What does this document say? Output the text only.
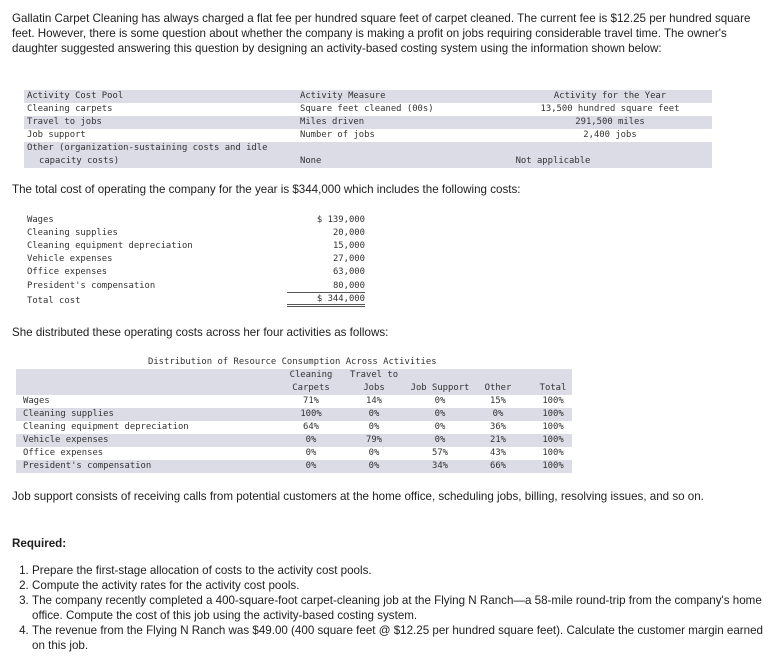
Gallatin Carpet Cleaning has always charged a flat fee per hundred square feet of carpet cleaned. The current fee is $12.25 per hundred square feet. However, there is some question about whether the company is making a profit on jobs requiring considerable travel time. The owner's daughter suggested answering this question by designing an activity-based costing system using the information shown below:
Activity Cost Pool	Activity Measure	Activity for the Year
Cleaning carpets	Square feet cleaned (00s)	13,500 hundred square feet
Travel to jobs	Miles driven	291,500 miles
Job support	Number of jobs	2,400 jobs
Other (organization-sustaining costs and idle
capacity costs)	None	Not applicable
The total cost of operating the company for the year is $344,000 which includes the following costs:
Wages	$ 139,000
Cleaning supplies	20,000
Cleaning equipment depreciation	15,000
Vehicle expenses	27,000
Office expenses	63,000
President's compensation	80,000
Total cost	$ 344,000
She distributed these operating costs across her four activities as follows:
Distribution of Resource Consumption Across Activities
Cleaning	Travel to
Carpets	Jobs	Job Support	Other	Total
Wages	71%	14%	0%	15%	100%
Cleaning supplies	100%	0%	0%	0%	100%
Cleaning equipment depreciation	64%	0%	0%	36%	100%
Vehicle expenses	0%	79%	0%	21%	100%
Office expenses	0%	0%	57%	43%	100%
President's compensation	0%	0%	34%	66%	100%
Job support consists of receiving calls from potential customers at the home office, scheduling jobs, billing, resolving issues, and so on.
Required:
1. Prepare the first-stage allocation of costs to the activity cost pools.
2. Compute the activity rates for the activity cost pools.
3. The company recently completed a 400-square-foot carpet-cleaning job at the Flying N Ranch—a 58-mile round-trip from the company's home office. Compute the cost of this job using the activity-based costing system.
4. The revenue from the Flying N Ranch was $49.00 (400 square feet @ $12.25 per hundred square feet). Calculate the customer margin earned on this job.
